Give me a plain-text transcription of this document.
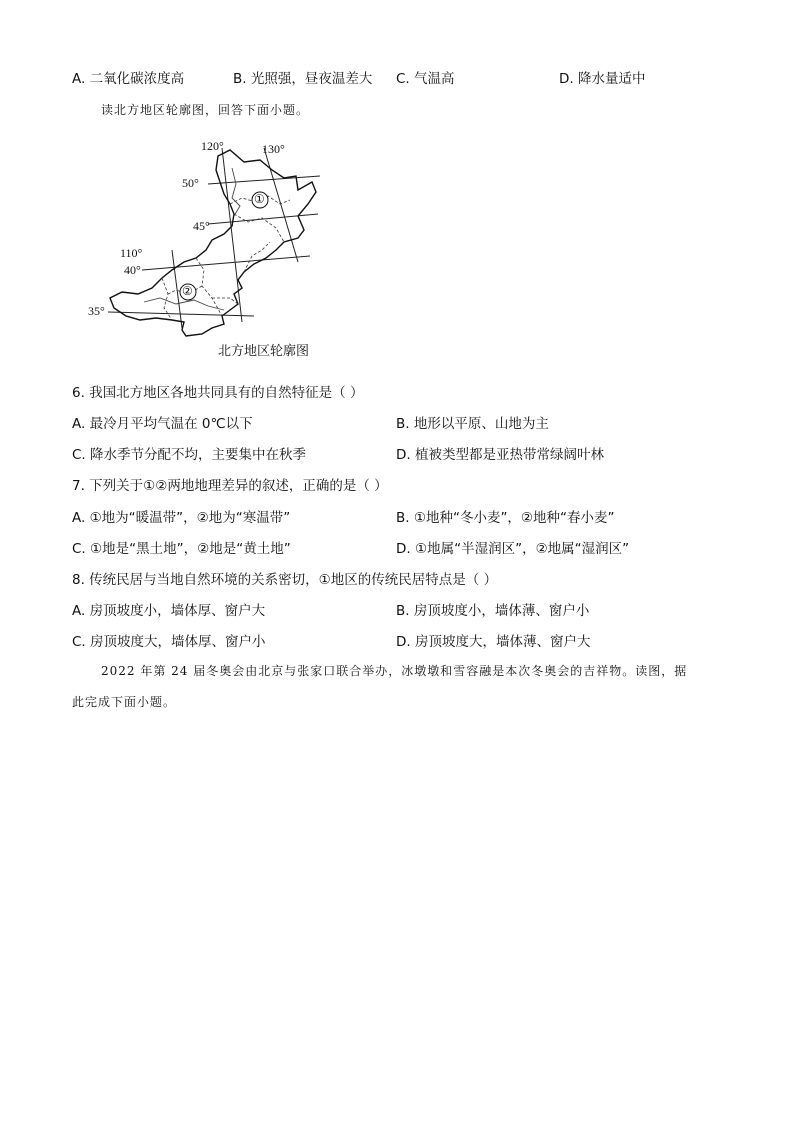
A. 二氧化碳浓度高	B. 光照强，昼夜温差大 C. 气温高	D. 降水量适中
读北方地区轮廓图，回答下面小题。
120°	130°
50°
45°
110°
40°
35°
①
②
北方地区轮廓图
6. 我国北方地区各地共同具有的自然特征是（ ）
A. 最冷月平均气温在 0℃以下	B. 地形以平原、山地为主
C. 降水季节分配不均，主要集中在秋季	D. 植被类型都是亚热带常绿阔叶林
7. 下列关于①②两地地理差异的叙述，正确的是（ ）
A. ①地为“暖温带”，②地为“寒温带”	B. ①地种“冬小麦”，②地种“春小麦”
C. ①地是“黑土地”，②地是“黄土地”	D. ①地属“半湿润区”，②地属“湿润区”
8. 传统民居与当地自然环境的关系密切，①地区的传统民居特点是（ ）
A. 房顶坡度小，墙体厚、窗户大	B. 房顶坡度小，墙体薄、窗户小
C. 房顶坡度大，墙体厚、窗户小	D. 房顶坡度大，墙体薄、窗户大
2022 年第 24 届冬奥会由北京与张家口联合举办，冰墩墩和雪容融是本次冬奥会的吉祥物。读图，据
此完成下面小题。
